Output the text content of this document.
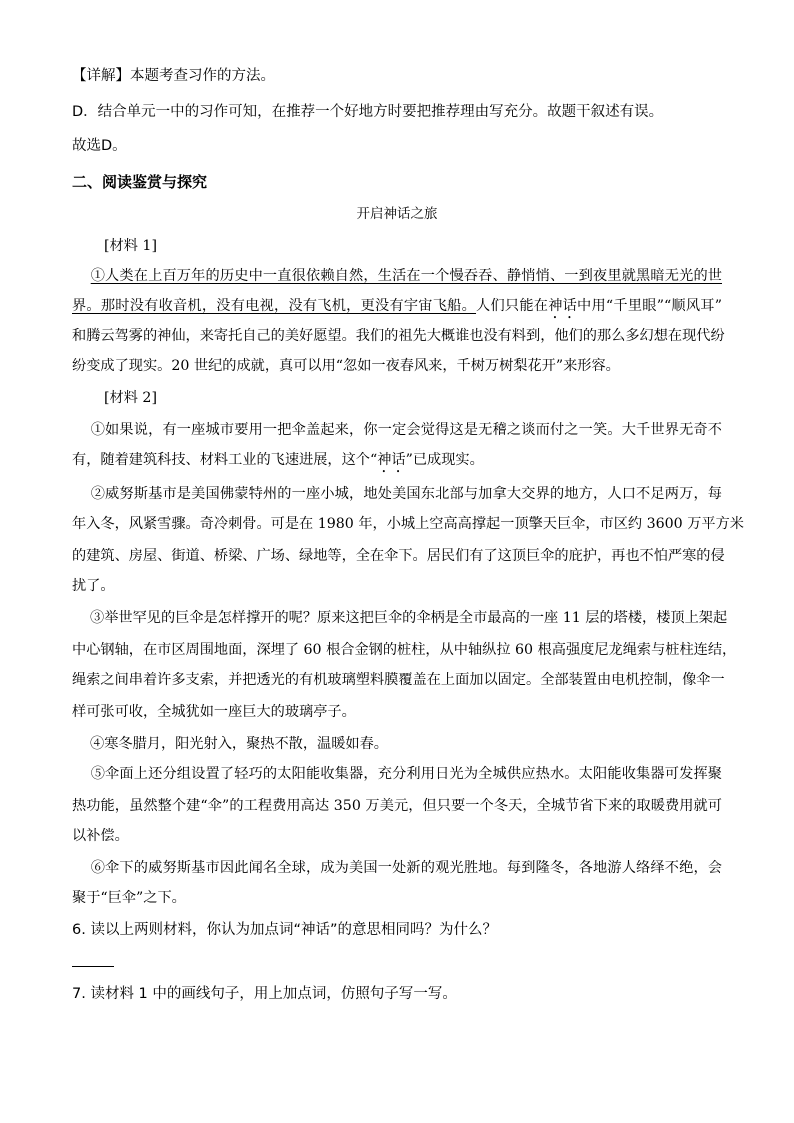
【详解】本题考查习作的方法。
D．结合单元一中的习作可知，在推荐一个好地方时要把推荐理由写充分。故题干叙述有误。
故选D。
二、阅读鉴赏与探究
开启神话之旅
[材料 1]
①人类在上百万年的历史中一直很依赖自然，生活在一个慢吞吞、静悄悄、一到夜里就黑暗无光的世
界。那时没有收音机，没有电视，没有飞机，更没有宇宙飞船。人们只能在神话中用“千里眼”“顺风耳”
和腾云驾雾的神仙，来寄托自己的美好愿望。我们的祖先大概谁也没有料到，他们的那么多幻想在现代纷
纷变成了现实。20 世纪的成就，真可以用“忽如一夜春风来，千树万树梨花开”来形容。
[材料 2]
①如果说，有一座城市要用一把伞盖起来，你一定会觉得这是无稽之谈而付之一笑。大千世界无奇不
有，随着建筑科技、材料工业的飞速进展，这个“神话”已成现实。
②威努斯基市是美国佛蒙特州的一座小城，地处美国东北部与加拿大交界的地方，人口不足两万，每
年入冬，风紧雪骤。奇冷刺骨。可是在 1980 年，小城上空高高撑起一顶擎天巨伞，市区约 3600 万平方米
的建筑、房屋、街道、桥梁、广场、绿地等，全在伞下。居民们有了这顶巨伞的庇护，再也不怕严寒的侵
扰了。
③举世罕见的巨伞是怎样撑开的呢？原来这把巨伞的伞柄是全市最高的一座 11 层的塔楼，楼顶上架起
中心钢轴，在市区周围地面，深埋了 60 根合金钢的桩柱，从中轴纵拉 60 根高强度尼龙绳索与桩柱连结，
绳索之间串着许多支索，并把透光的有机玻璃塑料膜覆盖在上面加以固定。全部装置由电机控制，像伞一
样可张可收，全城犹如一座巨大的玻璃亭子。
④寒冬腊月，阳光射入，聚热不散，温暖如春。
⑤伞面上还分组设置了轻巧的太阳能收集器，充分利用日光为全城供应热水。太阳能收集器可发挥聚
热功能，虽然整个建“伞”的工程费用高达 350 万美元，但只要一个冬天，全城节省下来的取暖费用就可
以补偿。
⑥伞下的威努斯基市因此闻名全球，成为美国一处新的观光胜地。每到隆冬，各地游人络绎不绝，会
聚于“巨伞”之下。
6. 读以上两则材料，你认为加点词“神话”的意思相同吗？为什么？
7. 读材料 1 中的画线句子，用上加点词，仿照句子写一写。
